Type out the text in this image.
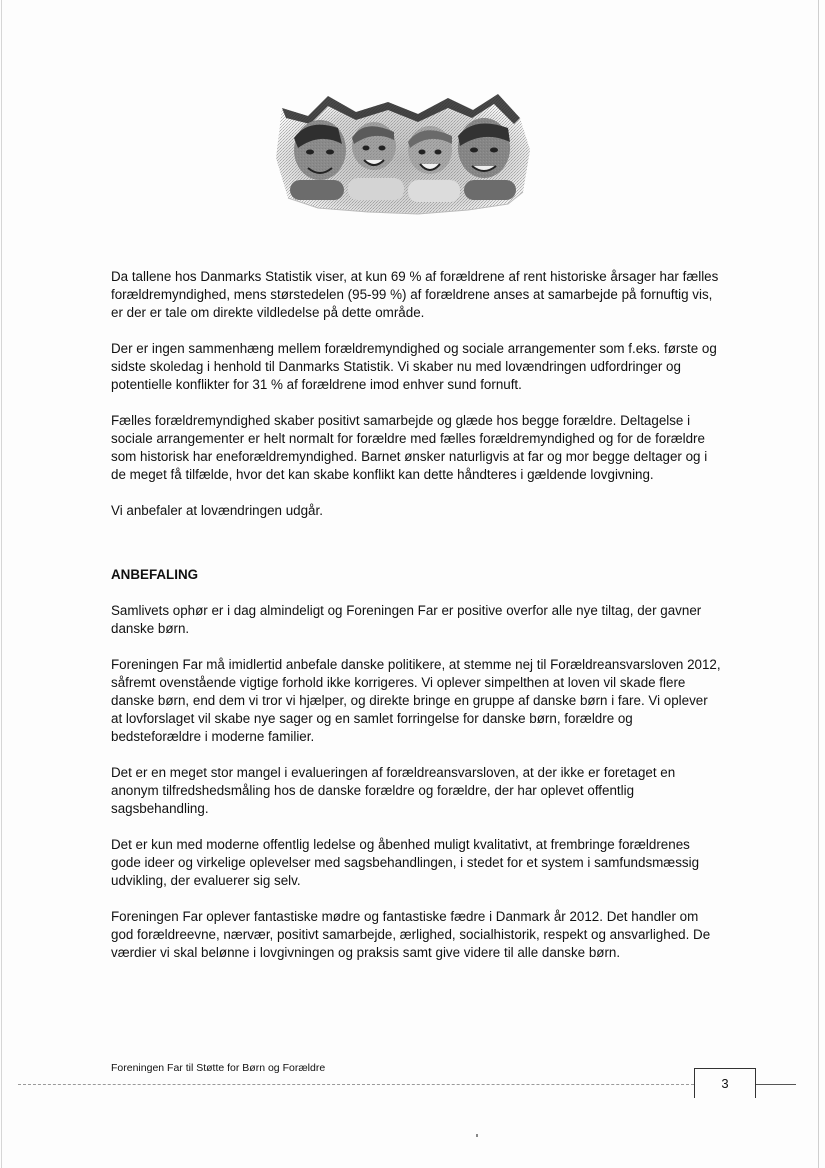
Da tallene hos Danmarks Statistik viser, at kun 69 % af forældrene af rent historiske årsager har fælles forældremyndighed, mens størstedelen (95-99 %) af forældrene anses at samarbejde på fornuftig vis, er der er tale om direkte vildledelse på dette område.

Der er ingen sammenhæng mellem forældremyndighed og sociale arrangementer som f.eks. første og sidste skoledag i henhold til Danmarks Statistik. Vi skaber nu med lovændringen udfordringer og potentielle konflikter for 31 % af forældrene imod enhver sund fornuft.

Fælles forældremyndighed skaber positivt samarbejde og glæde hos begge forældre. Deltagelse i sociale arrangementer er helt normalt for forældre med fælles forældremyndighed og for de forældre som historisk har eneforældremyndighed. Barnet ønsker naturligvis at far og mor begge deltager og i de meget få tilfælde, hvor det kan skabe konflikt kan dette håndteres i gældende lovgivning.

Vi anbefaler at lovændringen udgår.

ANBEFALING

Samlivets ophør er i dag almindeligt og Foreningen Far er positive overfor alle nye tiltag, der gavner danske børn.

Foreningen Far må imidlertid anbefale danske politikere, at stemme nej til Forældreansvarsloven 2012, såfremt ovenstående vigtige forhold ikke korrigeres. Vi oplever simpelthen at loven vil skade flere danske børn, end dem vi tror vi hjælper, og direkte bringe en gruppe af danske børn i fare. Vi oplever at lovforslaget vil skabe nye sager og en samlet forringelse for danske børn, forældre og bedsteforældre i moderne familier.

Det er en meget stor mangel i evalueringen af forældreansvarsloven, at der ikke er foretaget en anonym tilfredshedsmåling hos de danske forældre og forældre, der har oplevet offentlig sagsbehandling.

Det er kun med moderne offentlig ledelse og åbenhed muligt kvalitativt, at frembringe forældrenes gode ideer og virkelige oplevelser med sagsbehandlingen, i stedet for et system i samfundsmæssig udvikling, der evaluerer sig selv.

Foreningen Far oplever fantastiske mødre og fantastiske fædre i Danmark år 2012. Det handler om god forældreevne, nærvær, positivt samarbejde, ærlighed, socialhistorik, respekt og ansvarlighed. De værdier vi skal belønne i lovgivningen og praksis samt give videre til alle danske børn.

Foreningen Far til Støtte for Børn og Forældre
3
